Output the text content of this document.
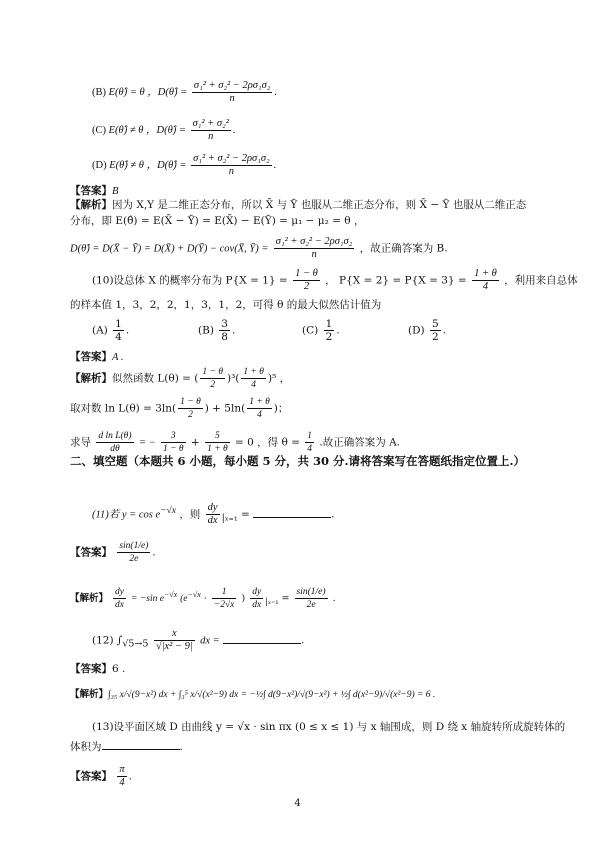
(B) E(θ̂) = θ ，D(θ̂) = $\frac{\text{σ₁² + σ₂² − 2ρσ₁σ₂}}{n}$ .
(C) E(θ̂) ≠ θ ，D(θ̂) = $\frac{\text{σ₁² + σ₂²}}{n}$ .
(D) E(θ̂) ≠ θ ，D(θ̂) = $\frac{\text{σ₁² + σ₂² − 2ρσ₁σ₂}}{n}$ .
【答案】B
【解析】因为 X,Y 是二维正态分布，所以 X̄ 与 Ȳ 也服从二维正态分布，则 X̄ − Ȳ 也服从二维正态
分布，即 E(θ̂) = E(X̄ − Ȳ) = E(X̄) − E(Ȳ) = μ₁ − μ₂ = θ ，
D(θ̂) = D(X̄ − Ȳ) = D(X̄) + D(Ȳ) − cov(X̄, Ȳ) = $\frac{\text{σ₁² + σ₂² − 2ρσ₁σ₂}}{n}$ ，故正确答案为 B.
(10)设总体 X 的概率分布为 $P\{X = 1\} = \frac{1 - \theta}{2}$ ， $P\{X = 2\} = P\{X = 3\} = \frac{1 + \theta}{4}$ ，利用来自总体
的样本值 1，3，2，2，1，3，1，2，可得 θ 的最大似然估计值为
$(A) \frac{1}{4}$ .	$(B) \frac{3}{8}$ .	$(C) \frac{1}{2}$ .	$(D) \frac{5}{2}$ .
【答案】A .
【解析】似然函数 L(θ) = ( $\frac{1 - \theta}{2} )^3( \frac{1 + \theta}{4} )^5$ ，
取对数 $\ln L(\theta) = 3\ln( \frac{1 - \theta}{2}$ ) + $5\ln( \frac{1 + \theta}{4}$ )；
求导 $\frac{\text{d ln L(θ)}}{d\theta}$ = − $\frac{3}{1 - \theta} + \frac{5}{1 + \theta} = 0$ ，得 $\theta = \frac{1}{4}$ .故正确答案为 A.
二、填空题（本题共 6 小题，每小题 5 分，共 30 分.请将答案写在答题纸指定位置上.）
(11)若 $y = \cos e^{-√x}$ ，则 $\frac{dy}{dx} _{|_{x=1}}$ =	.
【答案】 $\frac{\sin(1/e)}{2e}$ .
【解析】 $\frac{dy}{dx} = -\sin$ $e^{-√x}$ ($e^{-√x} \cdot \frac{1}{-2√x}$ ) $\frac{dy}{dx} _{|_{x=1}} = \frac{\sin(1/e)}{2e}$ .
(12) $\int_{√5\to 5} \frac{x}{\text{√|x² − 9|}}$ dx =	.
【答案】6 .
【解析】∫₃₅ x/√(9−x²) dx + ∫₃⁵ x/√(x²−9) dx = −½∫ d(9−x²)/√(9−x²) + ½∫ d(x²−9)/√(x²−9) = 6 .
(13)设平面区域 D 由曲线 y = √x · sin πx (0 ≤ x ≤ 1) 与 x 轴围成，则 D 绕 x 轴旋转所成旋转体的
体积为	.
【答案】 $\frac{\pi}{4}$ .
4
